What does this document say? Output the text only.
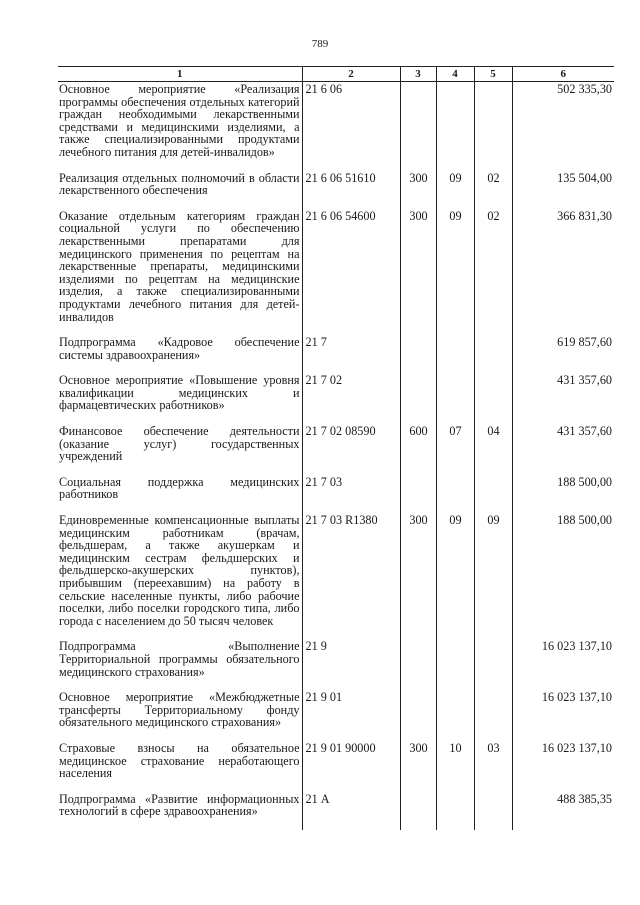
789
1	2	3	4	5	6
Основное мероприятие «Реализация программы обеспечения отдельных категорий граждан необходимыми лекарственными средствами и медицинскими изделиями, а также специализированными продуктами лечебного питания для детей-инвалидов»	21 6 06				502 335,30
Реализация отдельных полномочий в области лекарственного обеспечения	21 6 06 51610	300	09	02	135 504,00
Оказание отдельным категориям граждан социальной услуги по обеспечению лекарственными препаратами для медицинского применения по рецептам на лекарственные препараты, медицинскими изделиями по рецептам на медицинские изделия, а также специализированными продуктами лечебного питания для детей-инвалидов	21 6 06 54600	300	09	02	366 831,30
Подпрограмма «Кадровое обеспечение системы здравоохранения»	21 7				619 857,60
Основное мероприятие «Повышение уровня квалификации медицинских и фармацевтических работников»	21 7 02				431 357,60
Финансовое обеспечение деятельности (оказание услуг) государственных учреждений	21 7 02 08590	600	07	04	431 357,60
Социальная поддержка медицинских работников	21 7 03				188 500,00
Единовременные компенсационные выплаты медицинским работникам (врачам, фельдшерам, а также акушеркам и медицинским сестрам фельдшерских и фельдшерско-акушерских пунктов), прибывшим (переехавшим) на работу в сельские населенные пункты, либо рабочие поселки, либо поселки городского типа, либо города с населением до 50 тысяч человек	21 7 03 R1380	300	09	09	188 500,00
Подпрограмма «Выполнение Территориальной программы обязательного медицинского страхования»	21 9				16 023 137,10
Основное мероприятие «Межбюджетные трансферты Территориальному фонду обязательного медицинского страхования»	21 9 01				16 023 137,10
Страховые взносы на обязательное медицинское страхование неработающего населения	21 9 01 90000	300	10	03	16 023 137,10
Подпрограмма «Развитие информационных технологий в сфере здравоохранения»	21 А				488 385,35
